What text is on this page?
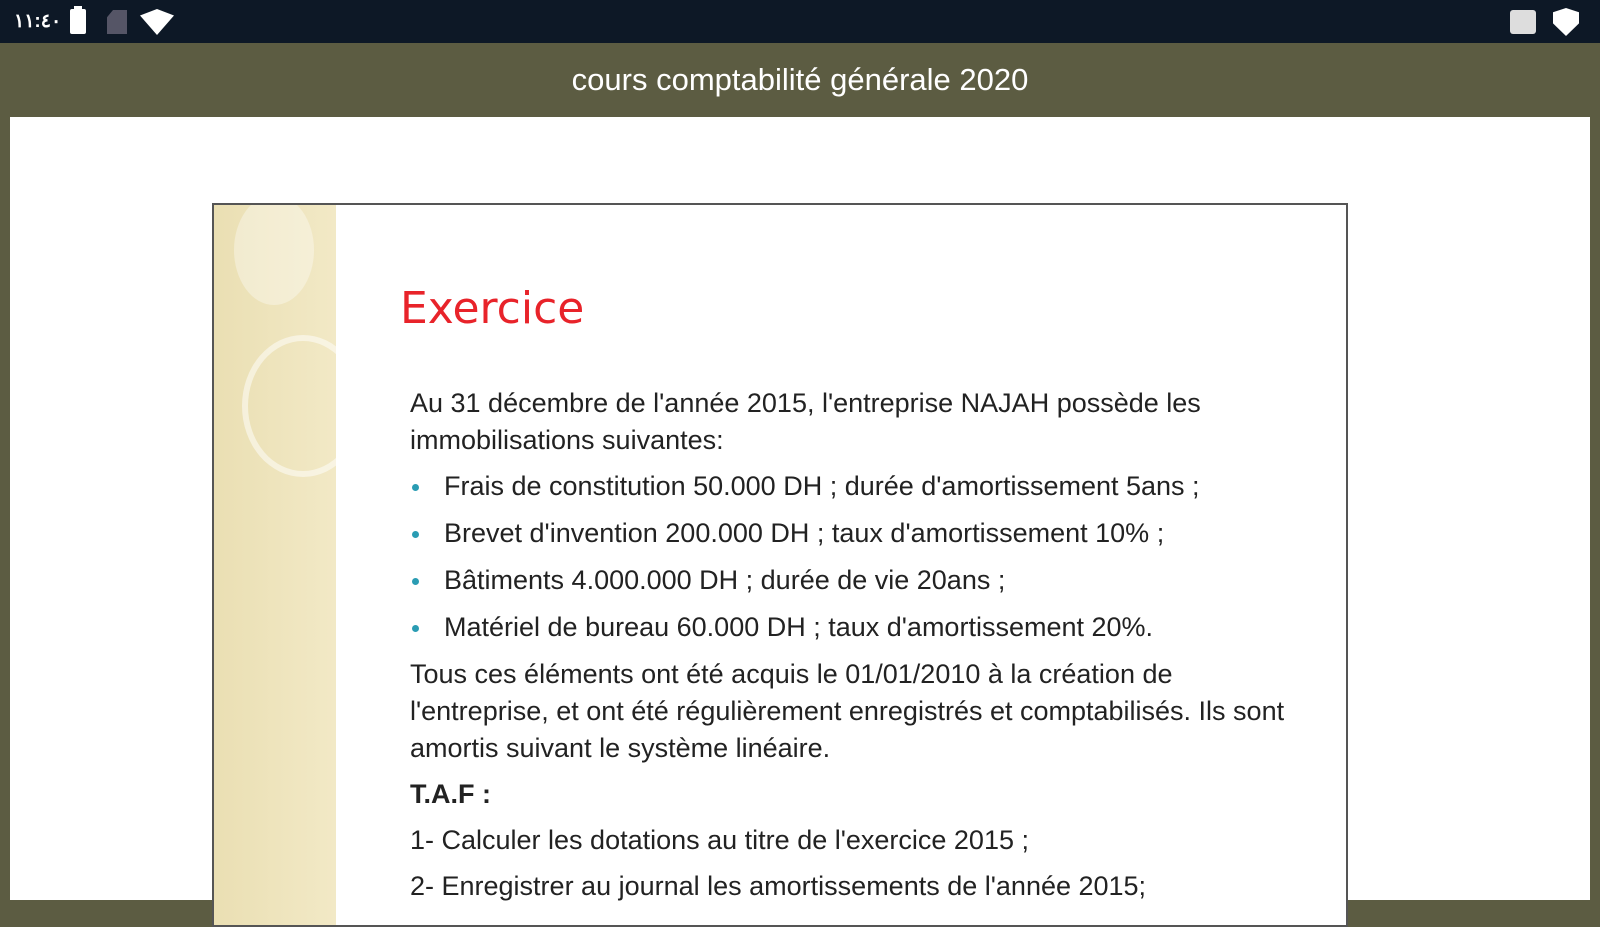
١١:٤٠
cours comptabilité générale 2020
Exercice

Au 31 décembre de l'année 2015, l'entreprise NAJAH possède les immobilisations suivantes:

Frais de constitution 50.000 DH ; durée d'amortissement 5ans ;
Brevet d'invention 200.000 DH ; taux d'amortissement 10% ;
Bâtiments 4.000.000 DH ; durée de vie 20ans ;
Matériel de bureau 60.000 DH ; taux d'amortissement 20%.

Tous ces éléments ont été acquis le 01/01/2010 à la création de l'entreprise, et ont été régulièrement enregistrés et comptabilisés. Ils sont amortis suivant le système linéaire.

T.A.F :

1- Calculer les dotations au titre de l'exercice 2015 ;

2- Enregistrer au journal les amortissements de l'année 2015;
